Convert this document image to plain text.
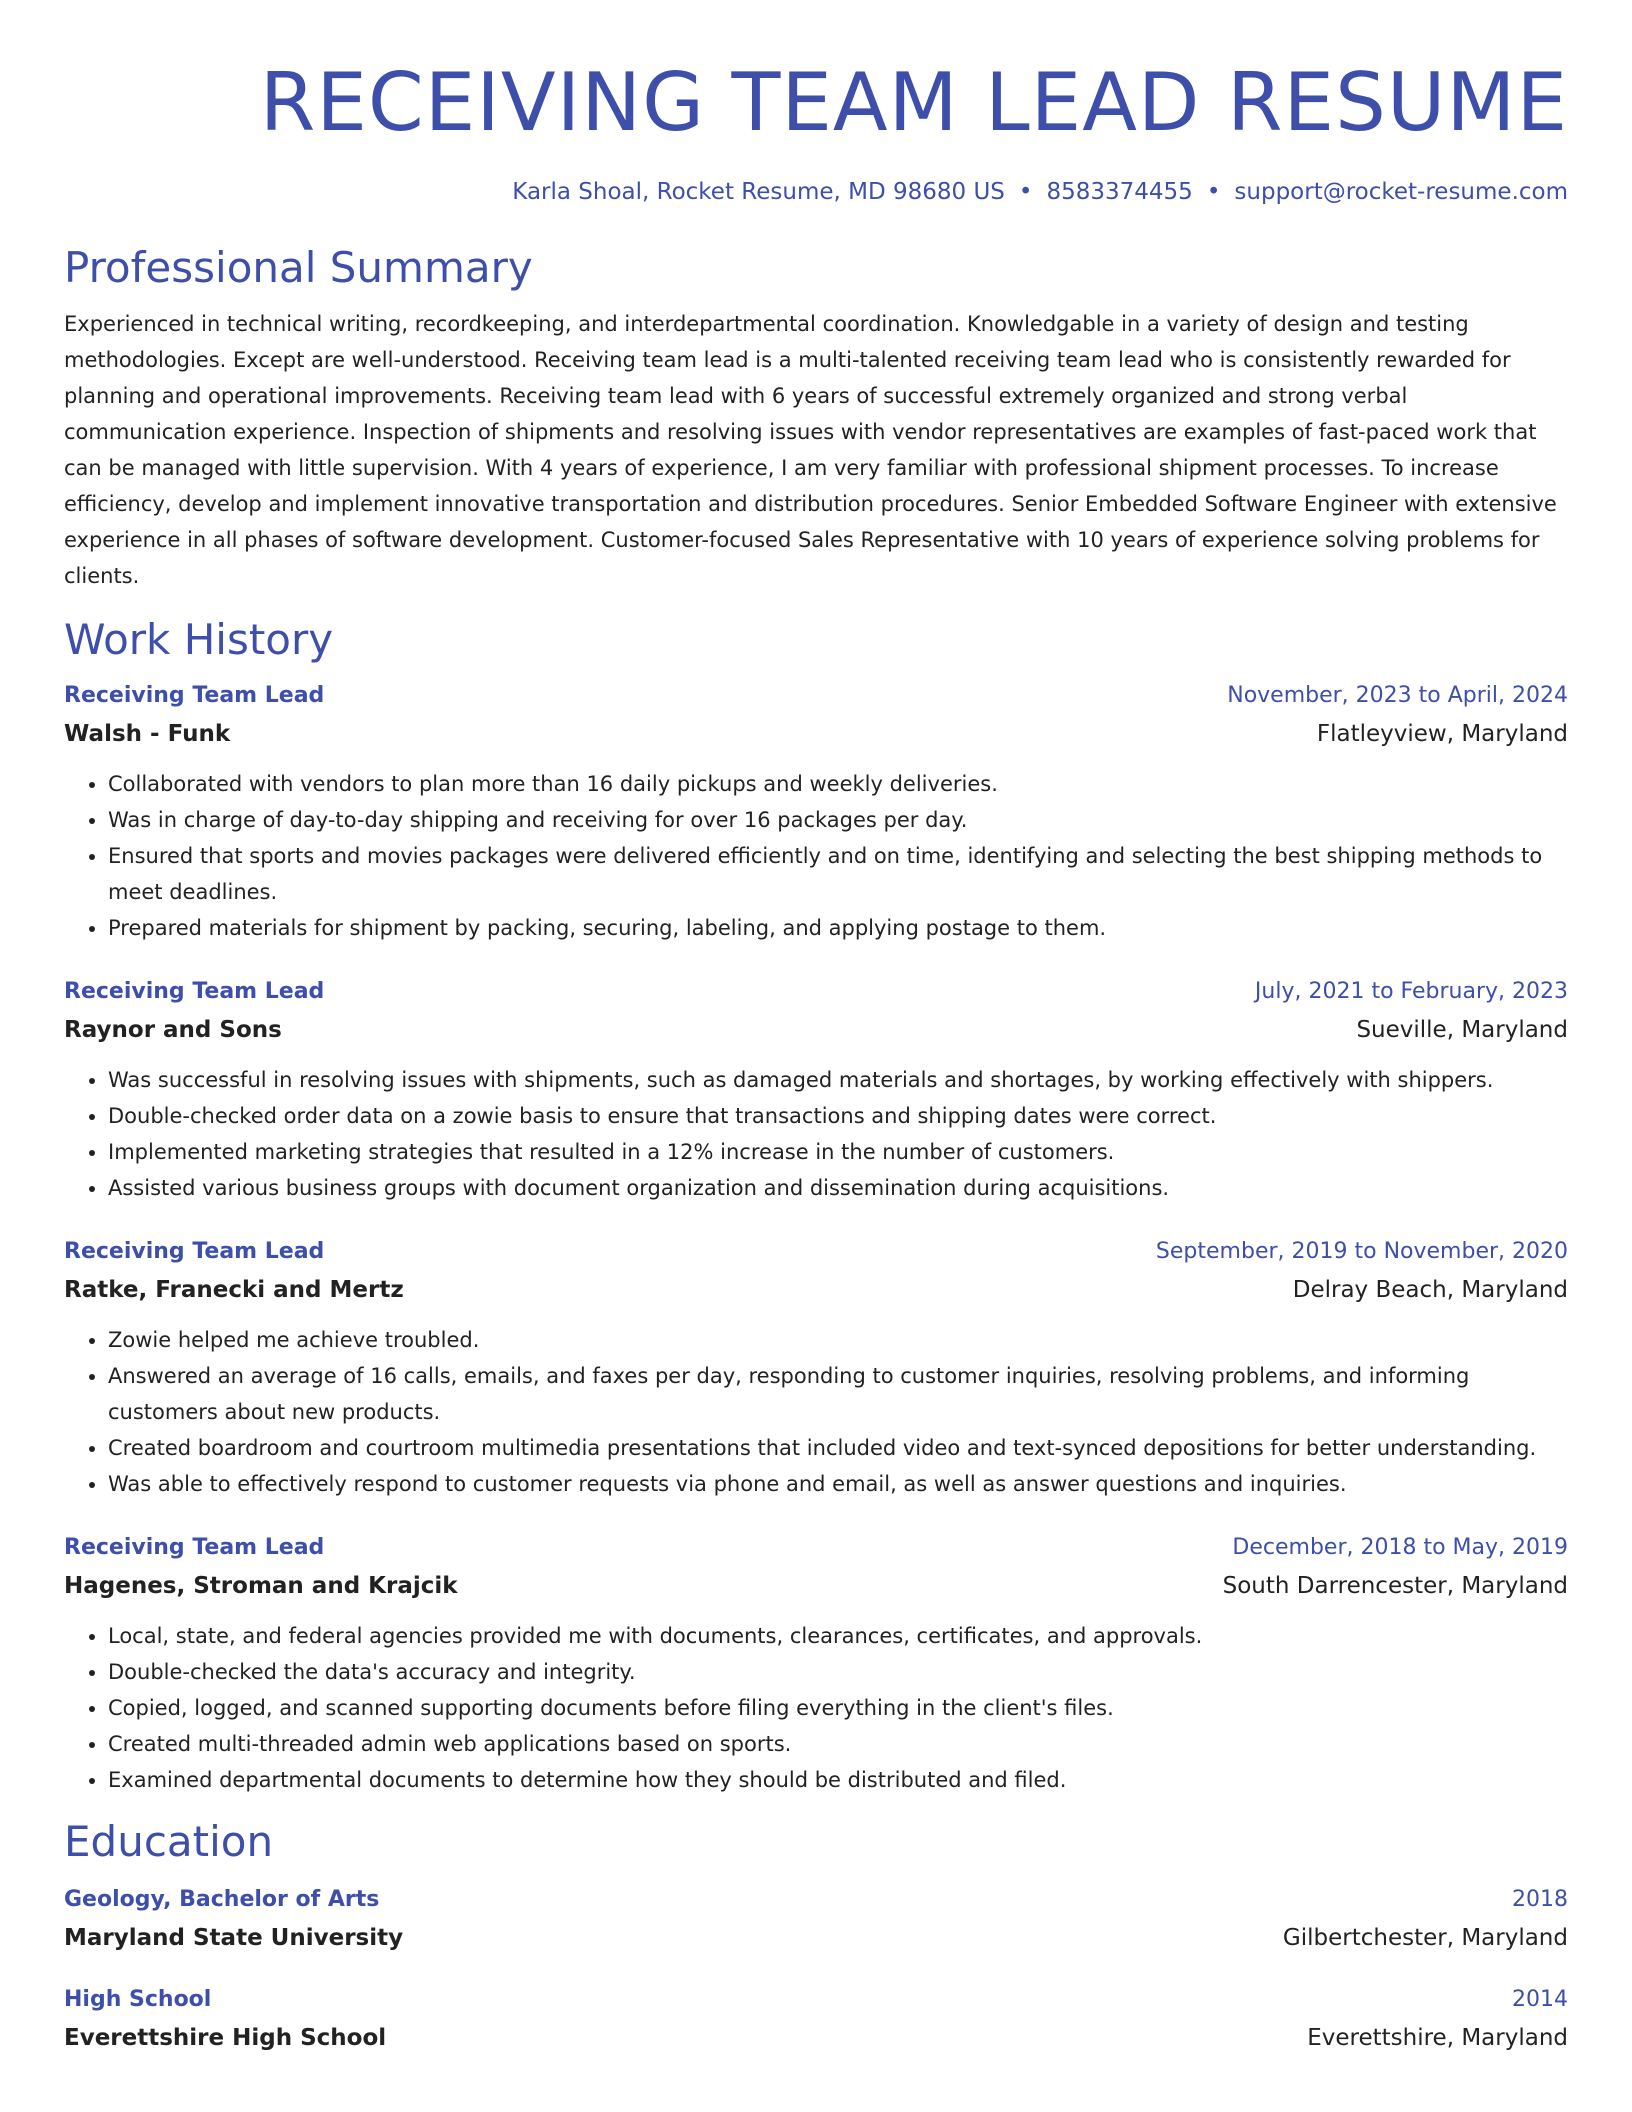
RECEIVING TEAM LEAD RESUME
Karla Shoal, Rocket Resume, MD 98680 US • 8583374455 • support@rocket-resume.com
Professional Summary
Experienced in technical writing, recordkeeping, and interdepartmental coordination. Knowledgable in a variety of design and testing methodologies. Except are well-understood. Receiving team lead is a multi-talented receiving team lead who is consistently rewarded for planning and operational improvements. Receiving team lead with 6 years of successful extremely organized and strong verbal communication experience. Inspection of shipments and resolving issues with vendor representatives are examples of fast-paced work that can be managed with little supervision. With 4 years of experience, I am very familiar with professional shipment processes. To increase efficiency, develop and implement innovative transportation and distribution procedures. Senior Embedded Software Engineer with extensive experience in all phases of software development. Customer-focused Sales Representative with 10 years of experience solving problems for clients.
Work History
Receiving Team Lead	November, 2023 to April, 2024
Walsh - Funk	Flatleyview, Maryland
• Collaborated with vendors to plan more than 16 daily pickups and weekly deliveries.
• Was in charge of day-to-day shipping and receiving for over 16 packages per day.
• Ensured that sports and movies packages were delivered efficiently and on time, identifying and selecting the best shipping methods to meet deadlines.
• Prepared materials for shipment by packing, securing, labeling, and applying postage to them.
Receiving Team Lead	July, 2021 to February, 2023
Raynor and Sons	Sueville, Maryland
• Was successful in resolving issues with shipments, such as damaged materials and shortages, by working effectively with shippers.
• Double-checked order data on a zowie basis to ensure that transactions and shipping dates were correct.
• Implemented marketing strategies that resulted in a 12% increase in the number of customers.
• Assisted various business groups with document organization and dissemination during acquisitions.
Receiving Team Lead	September, 2019 to November, 2020
Ratke, Franecki and Mertz	Delray Beach, Maryland
• Zowie helped me achieve troubled.
• Answered an average of 16 calls, emails, and faxes per day, responding to customer inquiries, resolving problems, and informing customers about new products.
• Created boardroom and courtroom multimedia presentations that included video and text-synced depositions for better understanding.
• Was able to effectively respond to customer requests via phone and email, as well as answer questions and inquiries.
Receiving Team Lead	December, 2018 to May, 2019
Hagenes, Stroman and Krajcik	South Darrencester, Maryland
• Local, state, and federal agencies provided me with documents, clearances, certificates, and approvals.
• Double-checked the data's accuracy and integrity.
• Copied, logged, and scanned supporting documents before filing everything in the client's files.
• Created multi-threaded admin web applications based on sports.
• Examined departmental documents to determine how they should be distributed and filed.
Education
Geology, Bachelor of Arts	2018
Maryland State University	Gilbertchester, Maryland
High School	2014
Everettshire High School	Everettshire, Maryland
